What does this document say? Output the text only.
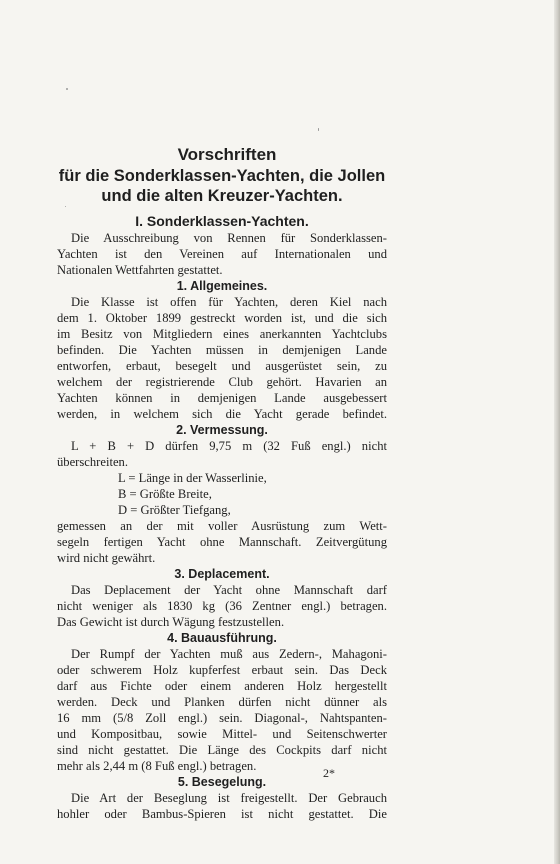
Vorschriften
für die Sonderklassen-Yachten, die Jollen
und die alten Kreuzer-Yachten.
I. Sonderklassen-Yachten.
Die Ausschreibung von Rennen für Sonderklassen-
Yachten ist den Vereinen auf Internationalen und
Nationalen Wettfahrten gestattet.
1. Allgemeines.
Die Klasse ist offen für Yachten, deren Kiel nach
dem 1. Oktober 1899 gestreckt worden ist, und die sich
im Besitz von Mitgliedern eines anerkannten Yachtclubs
befinden. Die Yachten müssen in demjenigen Lande
entworfen, erbaut, besegelt und ausgerüstet sein, zu
welchem der registrierende Club gehört. Havarien an
Yachten können in demjenigen Lande ausgebessert
werden, in welchem sich die Yacht gerade befindet.
2. Vermessung.
L + B + D dürfen 9,75 m (32 Fuß engl.) nicht
überschreiten.
L = Länge in der Wasserlinie,
B = Größte Breite,
D = Größter Tiefgang,
gemessen an der mit voller Ausrüstung zum Wett-
segeln fertigen Yacht ohne Mannschaft. Zeitvergütung
wird nicht gewährt.
3. Deplacement.
Das Deplacement der Yacht ohne Mannschaft darf
nicht weniger als 1830 kg (36 Zentner engl.) betragen.
Das Gewicht ist durch Wägung festzustellen.
4. Bauausführung.
Der Rumpf der Yachten muß aus Zedern-, Mahagoni-
oder schwerem Holz kupferfest erbaut sein. Das Deck
darf aus Fichte oder einem anderen Holz hergestellt
werden. Deck und Planken dürfen nicht dünner als
16 mm (5/8 Zoll engl.) sein. Diagonal-, Nahtspanten-
und Kompositbau, sowie Mittel- und Seitenschwerter
sind nicht gestattet. Die Länge des Cockpits darf nicht
mehr als 2,44 m (8 Fuß engl.) betragen.
5. Besegelung.
Die Art der Beseglung ist freigestellt. Der Gebrauch
hohler oder Bambus-Spieren ist nicht gestattet. Die
2*
